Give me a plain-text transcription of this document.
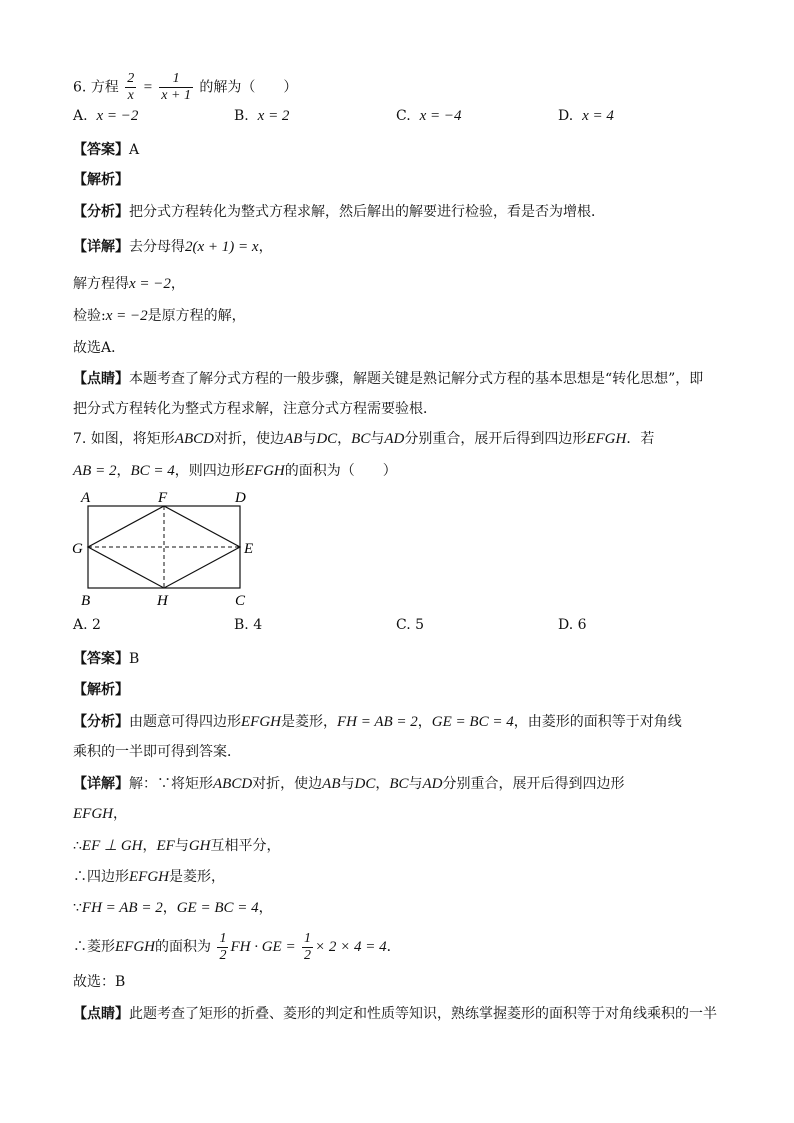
6. 方程 $\frac{2}{x} = \frac{1}{x + 1}$ 的解为（　　）
A. x = −2	B. x = 2	C. x = −4	D. x = 4
【答案】A
【解析】
【分析】把分式方程转化为整式方程求解，然后解出的解要进行检验，看是否为增根．
【详解】去分母得2(x + 1) = x，
解方程得x = −2，
检验:x = −2是原方程的解，
故选A．
【点睛】本题考查了解分式方程的一般步骤，解题关键是熟记解分式方程的基本思想是“转化思想”，即
把分式方程转化为整式方程求解，注意分式方程需要验根．
7. 如图，将矩形ABCD对折，使边AB与DC，BC与AD分别重合，展开后得到四边形EFGH．若
AB = 2，BC = 4，则四边形EFGH的面积为（　　）
A	F	D
G	E
B	H	C
A. 2	B. 4	C. 5	D. 6
【答案】B
【解析】
【分析】由题意可得四边形EFGH是菱形，FH = AB = 2，GE = BC = 4，由菱形的面积等于对角线
乘积的一半即可得到答案．
【详解】解：∵将矩形ABCD对折，使边AB与DC，BC与AD分别重合，展开后得到四边形
EFGH，
∴EF ⊥ GH，EF与GH互相平分，
∴四边形EFGH是菱形，
∵FH = AB = 2，GE = BC = 4，
∴菱形EFGH的面积为 $\frac{1}{2}$ FH · GE = $\frac{1}{2} \times 2 \times 4 = 4$．
故选：B
【点睛】此题考查了矩形的折叠、菱形的判定和性质等知识，熟练掌握菱形的面积等于对角线乘积的一半
